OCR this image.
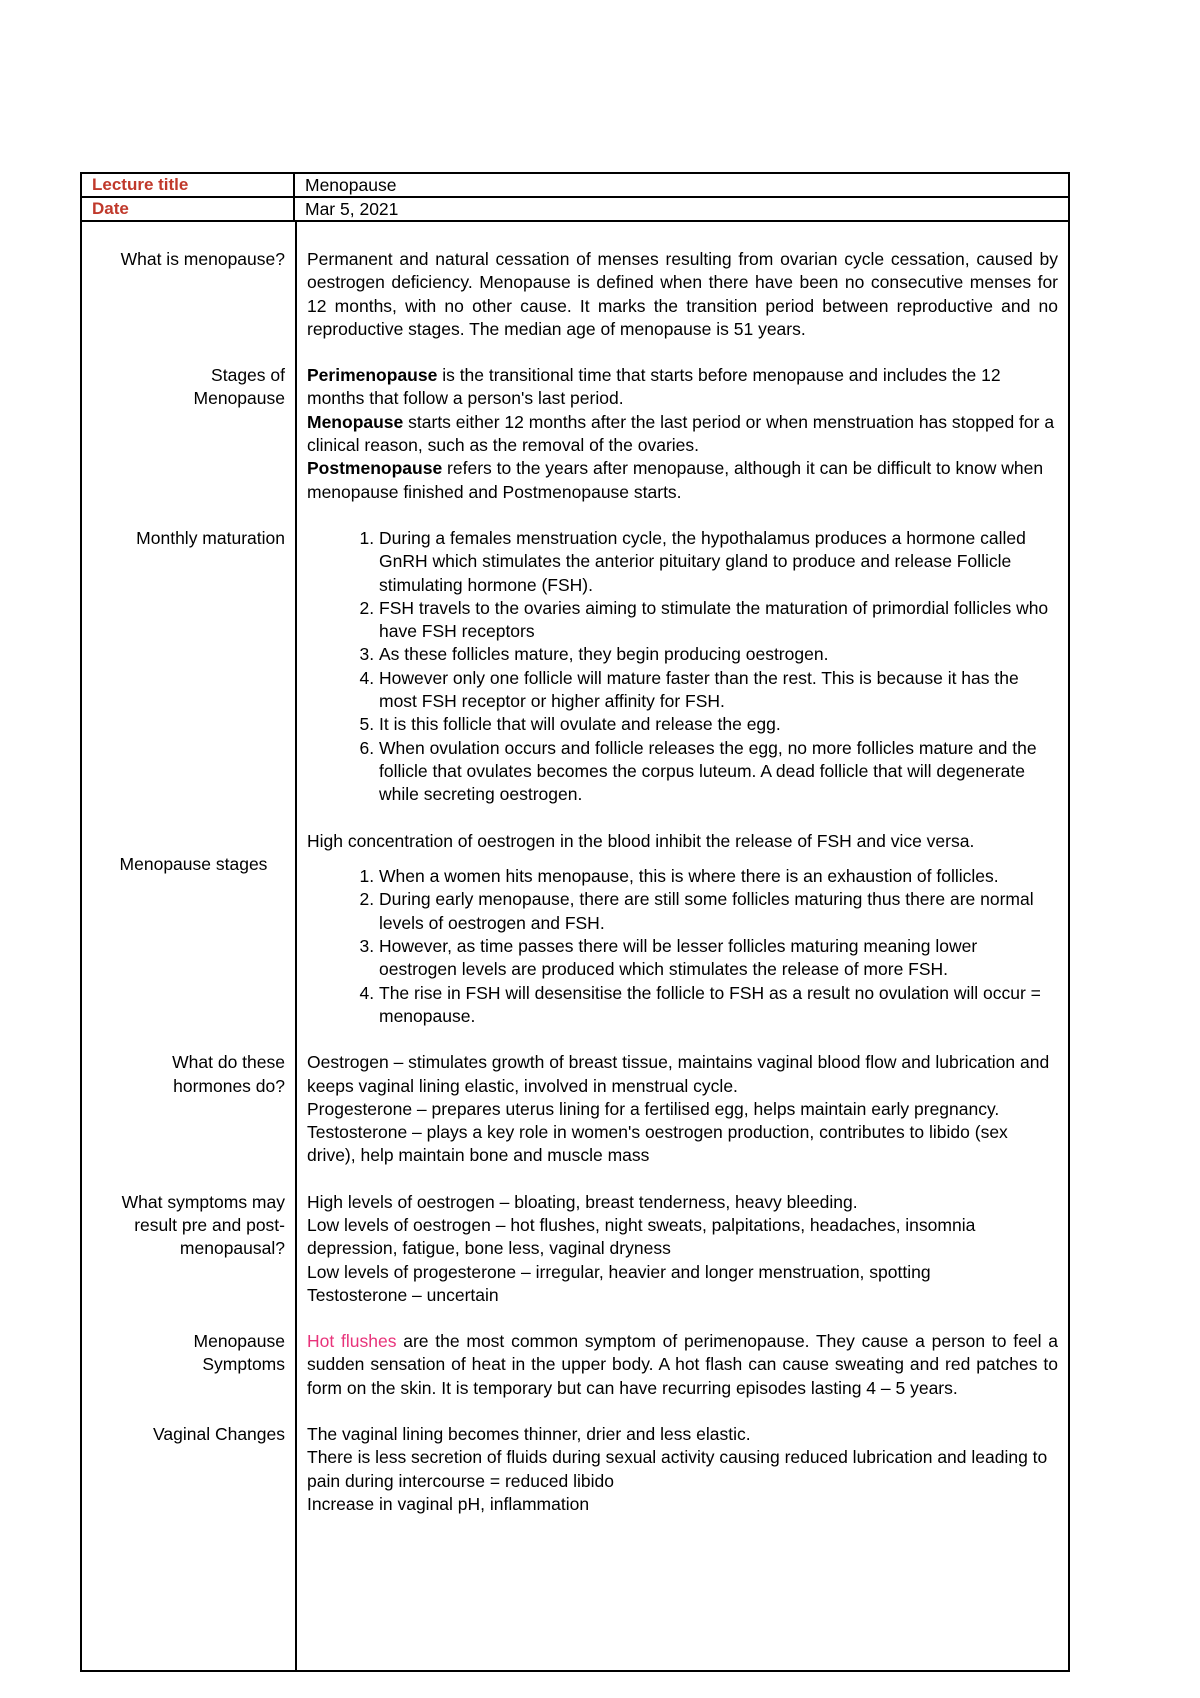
Lecture title	Menopause
Date	Mar 5, 2021
What is menopause?	Permanent and natural cessation of menses resulting from ovarian cycle cessation, caused by oestrogen deficiency. Menopause is defined when there have been no consecutive menses for 12 months, with no other cause. It marks the transition period between reproductive and no reproductive stages. The median age of menopause is 51 years.
Stages of Menopause

Perimenopause is the transitional time that starts before menopause and includes the 12 months that follow a person's last period.

Menopause starts either 12 months after the last period or when menstruation has stopped for a clinical reason, such as the removal of the ovaries.

Postmenopause refers to the years after menopause, although it can be difficult to know when menopause finished and Postmenopause starts.

Monthly maturation
1.	During a females menstruation cycle, the hypothalamus produces a hormone called GnRH which stimulates the anterior pituitary gland to produce and release Follicle stimulating hormone (FSH).
2. FSH travels to the ovaries aiming to stimulate the maturation of primordial follicles who have FSH receptors
3. As these follicles mature, they begin producing oestrogen.
4. However only one follicle will mature faster than the rest. This is because it has the most FSH receptor or higher affinity for FSH.
5. It is this follicle that will ovulate and release the egg.
6. When ovulation occurs and follicle releases the egg, no more follicles mature and the follicle that ovulates becomes the corpus luteum. A dead follicle that will degenerate while secreting oestrogen.

High concentration of oestrogen in the blood inhibit the release of FSH and vice versa.

Menopause stages
1. When a women hits menopause, this is where there is an exhaustion of follicles.
2. During early menopause, there are still some follicles maturing thus there are normal levels of oestrogen and FSH.
3. However, as time passes there will be lesser follicles maturing meaning lower oestrogen levels are produced which stimulates the release of more FSH.
4. The rise in FSH will desensitise the follicle to FSH as a result no ovulation will occur = menopause.
What do these hormones do?

Oestrogen – stimulates growth of breast tissue, maintains vaginal blood flow and lubrication and keeps vaginal lining elastic, involved in menstrual cycle.

Progesterone – prepares uterus lining for a fertilised egg, helps maintain early pregnancy.

Testosterone – plays a key role in women's oestrogen production, contributes to libido (sex drive), help maintain bone and muscle mass

What symptoms may result pre and post-menopausal?

High levels of oestrogen – bloating, breast tenderness, heavy bleeding.

Low levels of oestrogen – hot flushes, night sweats, palpitations, headaches, insomnia depression, fatigue, bone less, vaginal dryness

Low levels of progesterone – irregular, heavier and longer menstruation, spotting

Testosterone – uncertain

Menopause Symptoms
Hot flushes are the most common symptom of perimenopause. They cause a person to feel a sudden sensation of heat in the upper body. A hot flash can cause sweating and red patches to form on the skin. It is temporary but can have recurring episodes lasting 4 – 5 years.
Vaginal Changes	The vaginal lining becomes thinner, drier and less elastic.

There is less secretion of fluids during sexual activity causing reduced lubrication and leading to pain during intercourse = reduced libido

Increase in vaginal pH, inflammation
